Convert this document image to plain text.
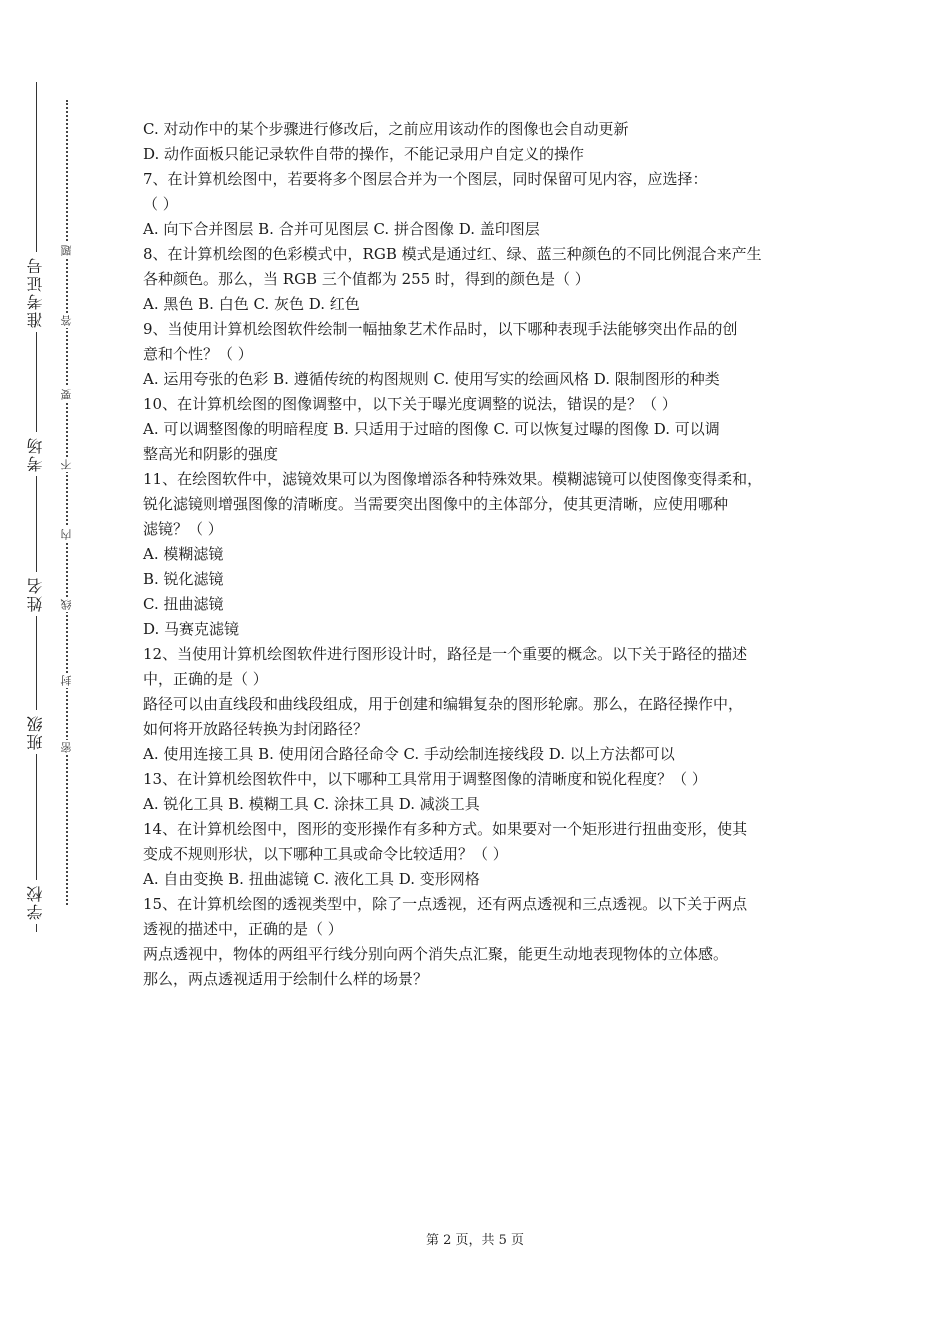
学校
班级
姓名
考场
准考证号
密
封
线
内
不
要
答
题

C. 对动作中的某个步骤进行修改后，之前应用该动作的图像也会自动更新

D. 动作面板只能记录软件自带的操作，不能记录用户自定义的操作

7、在计算机绘图中，若要将多个图层合并为一个图层，同时保留可见内容，应选择：

（ ）

A. 向下合并图层 B. 合并可见图层 C. 拼合图像 D. 盖印图层

8、在计算机绘图的色彩模式中，RGB 模式是通过红、绿、蓝三种颜色的不同比例混合来产生

各种颜色。那么，当 RGB 三个值都为 255 时，得到的颜色是（ ）

A. 黑色 B. 白色 C. 灰色 D. 红色

9、当使用计算机绘图软件绘制一幅抽象艺术作品时，以下哪种表现手法能够突出作品的创

意和个性？（ ）

A. 运用夸张的色彩 B. 遵循传统的构图规则 C. 使用写实的绘画风格 D. 限制图形的种类

10、在计算机绘图的图像调整中，以下关于曝光度调整的说法，错误的是？（ ）

A. 可以调整图像的明暗程度 B. 只适用于过暗的图像 C. 可以恢复过曝的图像 D. 可以调

整高光和阴影的强度

11、在绘图软件中，滤镜效果可以为图像增添各种特殊效果。模糊滤镜可以使图像变得柔和，

锐化滤镜则增强图像的清晰度。当需要突出图像中的主体部分，使其更清晰，应使用哪种

滤镜？（ ）

A. 模糊滤镜

B. 锐化滤镜

C. 扭曲滤镜

D. 马赛克滤镜

12、当使用计算机绘图软件进行图形设计时，路径是一个重要的概念。以下关于路径的描述

中，正确的是（ ）

路径可以由直线段和曲线段组成，用于创建和编辑复杂的图形轮廓。那么，在路径操作中，

如何将开放路径转换为封闭路径？

A. 使用连接工具 B. 使用闭合路径命令 C. 手动绘制连接线段 D. 以上方法都可以

13、在计算机绘图软件中，以下哪种工具常用于调整图像的清晰度和锐化程度？（ ）

A. 锐化工具 B. 模糊工具 C. 涂抹工具 D. 减淡工具

14、在计算机绘图中，图形的变形操作有多种方式。如果要对一个矩形进行扭曲变形，使其

变成不规则形状，以下哪种工具或命令比较适用？（ ）

A. 自由变换 B. 扭曲滤镜 C. 液化工具 D. 变形网格

15、在计算机绘图的透视类型中，除了一点透视，还有两点透视和三点透视。以下关于两点

透视的描述中，正确的是（ ）

两点透视中，物体的两组平行线分别向两个消失点汇聚，能更生动地表现物体的立体感。

那么，两点透视适用于绘制什么样的场景？

第 2 页，共 5 页
